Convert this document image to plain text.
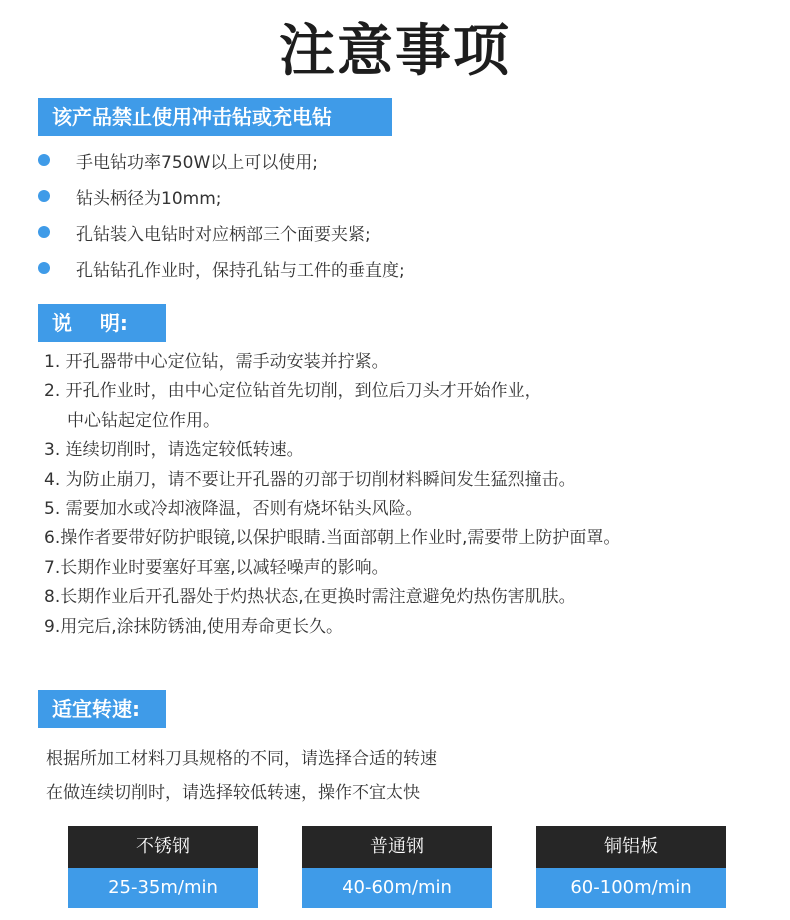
注意事项
该产品禁止使用冲击钻或充电钻
手电钻功率750W以上可以使用;
钻头柄径为10mm;
孔钻装入电钻时对应柄部三个面要夹紧;
孔钻钻孔作业时，保持孔钻与工件的垂直度;
说    明:
1. 开孔器带中心定位钻，需手动安装并拧紧。
2. 开孔作业时，由中心定位钻首先切削，到位后刀头才开始作业，
中心钻起定位作用。
3. 连续切削时，请选定较低转速。
4. 为防止崩刀，请不要让开孔器的刃部于切削材料瞬间发生猛烈撞击。
5. 需要加水或冷却液降温，否则有烧坏钻头风险。
6.操作者要带好防护眼镜,以保护眼睛.当面部朝上作业时,需要带上防护面罩。
7.长期作业时要塞好耳塞,以减轻噪声的影响。
8.长期作业后开孔器处于灼热状态,在更换时需注意避免灼热伤害肌肤。
9.用完后,涂抹防锈油,使用寿命更长久。
适宜转速:
根据所加工材料刀具规格的不同，请选择合适的转速
在做连续切削时，请选择较低转速，操作不宜太快
不锈钢
25-35m/min
普通钢
40-60m/min
铜铝板
60-100m/min
